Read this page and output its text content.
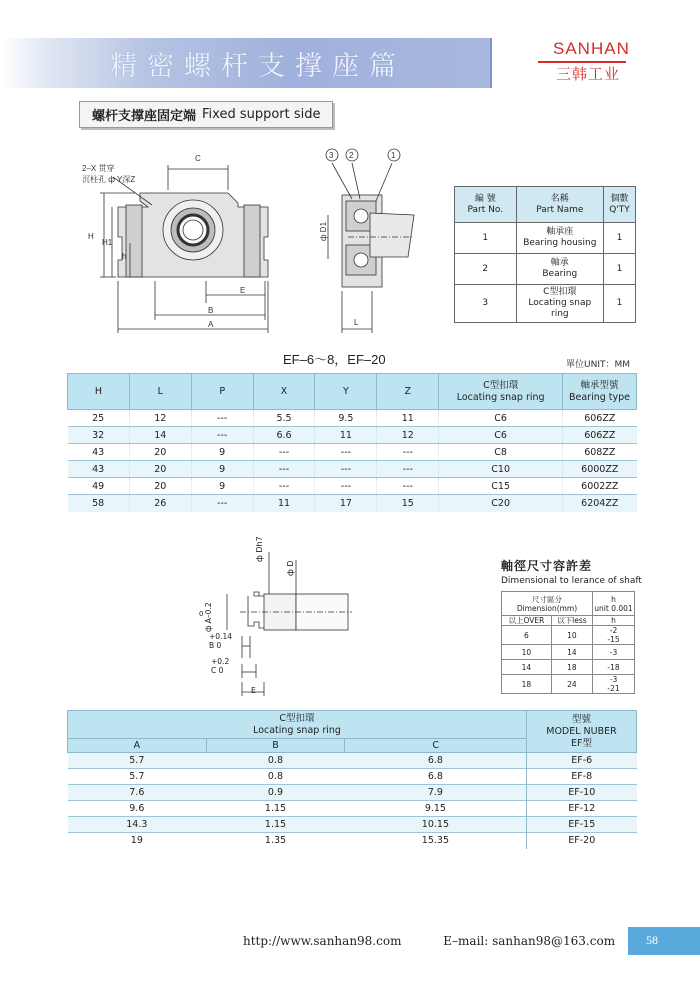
精密螺杆支撑座篇
SANHAN
三韩工业
螺杆支撑座固定端 Fixed support side
C
2–X 贯穿
沉柱孔 ф Y深Z
H
H1
h
E
B
A
3 2	1
ф D1
L
EF–6～8，EF–20	單位UNIT：MM
編 號
Part No.	名稱
Part Name	個數
Q'TY
1	軸承座
Bearing housing	1
2	軸承
Bearing	1
3	C型扣環
Locating snap ring	1
H	L	P	X	Y	Z	C型扣環
Locating snap ring	軸承型號
Bearing type
25	12	---	5.5	9.5	11	C6	606ZZ
32	14	---	6.6	11	12	C6	606ZZ
43	20	9	---	---	---	C8	608ZZ
43	20	9	---	---	---	C10	6000ZZ
49	20	9	---	---	---	C15	6002ZZ
58	26	---	11	17	15	C20	6204ZZ
ф Dh7
ф D
0 ф A–0.2
+0.14
B 0
+0.2
C 0
E
軸徑尺寸容許差
Dimensional to lerance of shaft
尺寸區分
Dimension(mm)		h
unit 0.001
以上OVER	以下less	h
6	10	-2
-15
10	14	-3

14	18	-18

18	24	-3
-21
C型扣環
Locating snap ring			型號
MODEL NUBER
EF型
A	B	C	
5.7	0.8	6.8	EF-6
5.7	0.8	6.8	EF-8
7.6	0.9	7.9	EF-10
9.6	1.15	9.15	EF-12
14.3	1.15	10.15	EF-15
19	1.35	15.35	EF-20
http://www.sanhan98.com	E–mail: sanhan98@163.com	58
